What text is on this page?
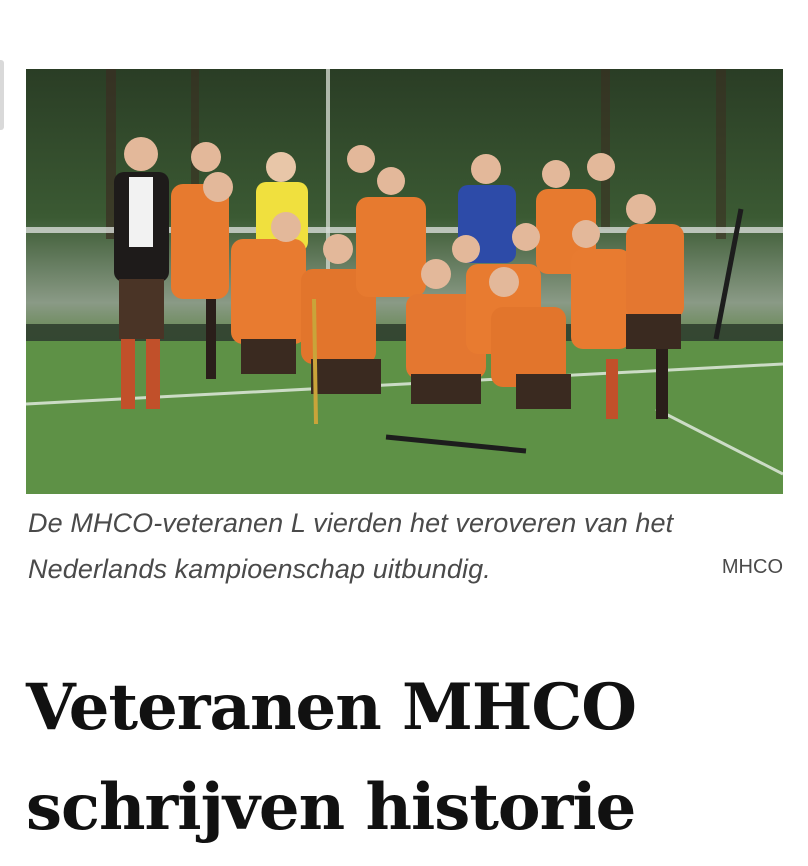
De MHCO-veteranen L vierden het veroveren van het Nederlands kampioenschap uitbundig.	MHCO
Veteranen MHCO schrijven historie
